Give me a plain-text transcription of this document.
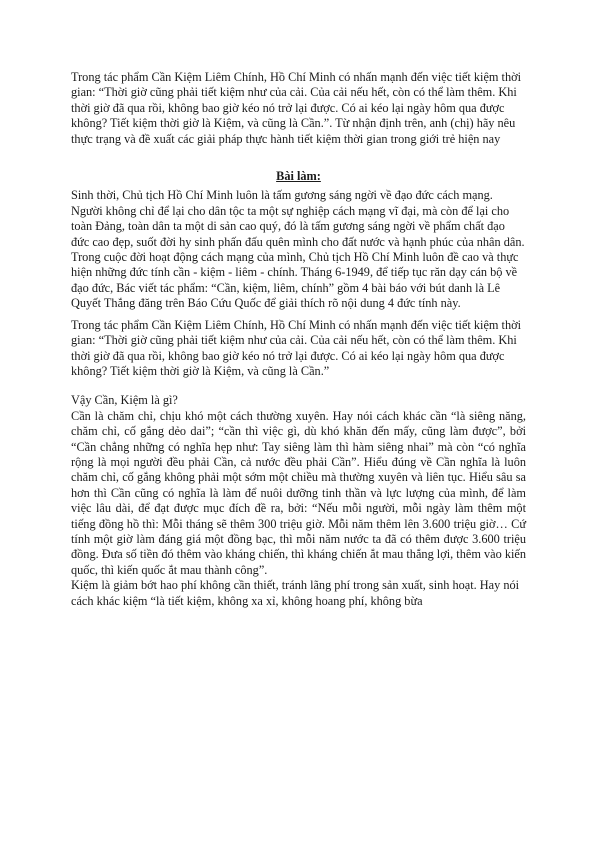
Trong tác phẩm Cần Kiệm Liêm Chính, Hồ Chí Minh có nhấn mạnh đến việc tiết kiệm thời gian: “Thời giờ cũng phải tiết kiệm như của cải. Của cải nếu hết, còn có thể làm thêm. Khi thời giờ đã qua rồi, không bao giờ kéo nó trở lại được. Có ai kéo lại ngày hôm qua được không? Tiết kiệm thời giờ là Kiệm, và cũng là Cần.”. Từ nhận định trên, anh (chị) hãy nêu thực trạng và đề xuất các giải pháp thực hành tiết kiệm thời gian trong giới trẻ hiện nay

Bài làm:

Sinh thời, Chủ tịch Hồ Chí Minh luôn là tấm gương sáng ngời về đạo đức cách mạng. Người không chỉ để lại cho dân tộc ta một sự nghiệp cách mạng vĩ đại, mà còn để lại cho toàn Đảng, toàn dân ta một di sản cao quý, đó là tấm gương sáng ngời về phẩm chất đạo đức cao đẹp, suốt đời hy sinh phấn đấu quên mình cho đất nước và hạnh phúc của nhân dân. Trong cuộc đời hoạt động cách mạng của mình, Chủ tịch Hồ Chí Minh luôn đề cao và thực hiện những đức tính cần - kiệm - liêm - chính. Tháng 6-1949, để tiếp tục răn dạy cán bộ về đạo đức, Bác viết tác phẩm: “Cần, kiệm, liêm, chính” gồm 4 bài báo với bút danh là Lê Quyết Thắng đăng trên Báo Cứu Quốc để giải thích rõ nội dung 4 đức tính này.

Trong tác phẩm Cần Kiệm Liêm Chính, Hồ Chí Minh có nhấn mạnh đến việc tiết kiệm thời gian: “Thời giờ cũng phải tiết kiệm như của cải. Của cải nếu hết, còn có thể làm thêm. Khi thời giờ đã qua rồi, không bao giờ kéo nó trở lại được. Có ai kéo lại ngày hôm qua được không? Tiết kiệm thời giờ là Kiệm, và cũng là Cần.”

Vậy Cần, Kiệm là gì?

Cần là chăm chỉ, chịu khó một cách thường xuyên. Hay nói cách khác cần “là siêng năng, chăm chỉ, cố gắng dẻo dai”; “cần thì việc gì, dù khó khăn đến mấy, cũng làm được”, bởi “Cần chẳng những có nghĩa hẹp như: Tay siêng làm thì hàm siêng nhai” mà còn “có nghĩa rộng là mọi người đều phải Cần, cả nước đều phải Cần”. Hiểu đúng về Cần nghĩa là luôn chăm chỉ, cố gắng không phải một sớm một chiều mà thường xuyên và liên tục. Hiểu sâu sa hơn thì Cần cũng có nghĩa là làm để nuôi dưỡng tinh thần và lực lượng của mình, để làm việc lâu dài, để đạt được mục đích đề ra, bởi: “Nếu mỗi người, mỗi ngày làm thêm một tiếng đồng hồ thì: Mỗi tháng sẽ thêm 300 triệu giờ. Mỗi năm thêm lên 3.600 triệu giờ… Cứ tính một giờ làm đáng giá một đồng bạc, thì mỗi năm nước ta đã có thêm được 3.600 triệu đồng. Đưa số tiền đó thêm vào kháng chiến, thì kháng chiến ắt mau thắng lợi, thêm vào kiến quốc, thì kiến quốc ắt mau thành công”.

Kiệm là giảm bớt hao phí không cần thiết, tránh lãng phí trong sản xuất, sinh hoạt. Hay nói cách khác kiệm “là tiết kiệm, không xa xỉ, không hoang phí, không bừa
